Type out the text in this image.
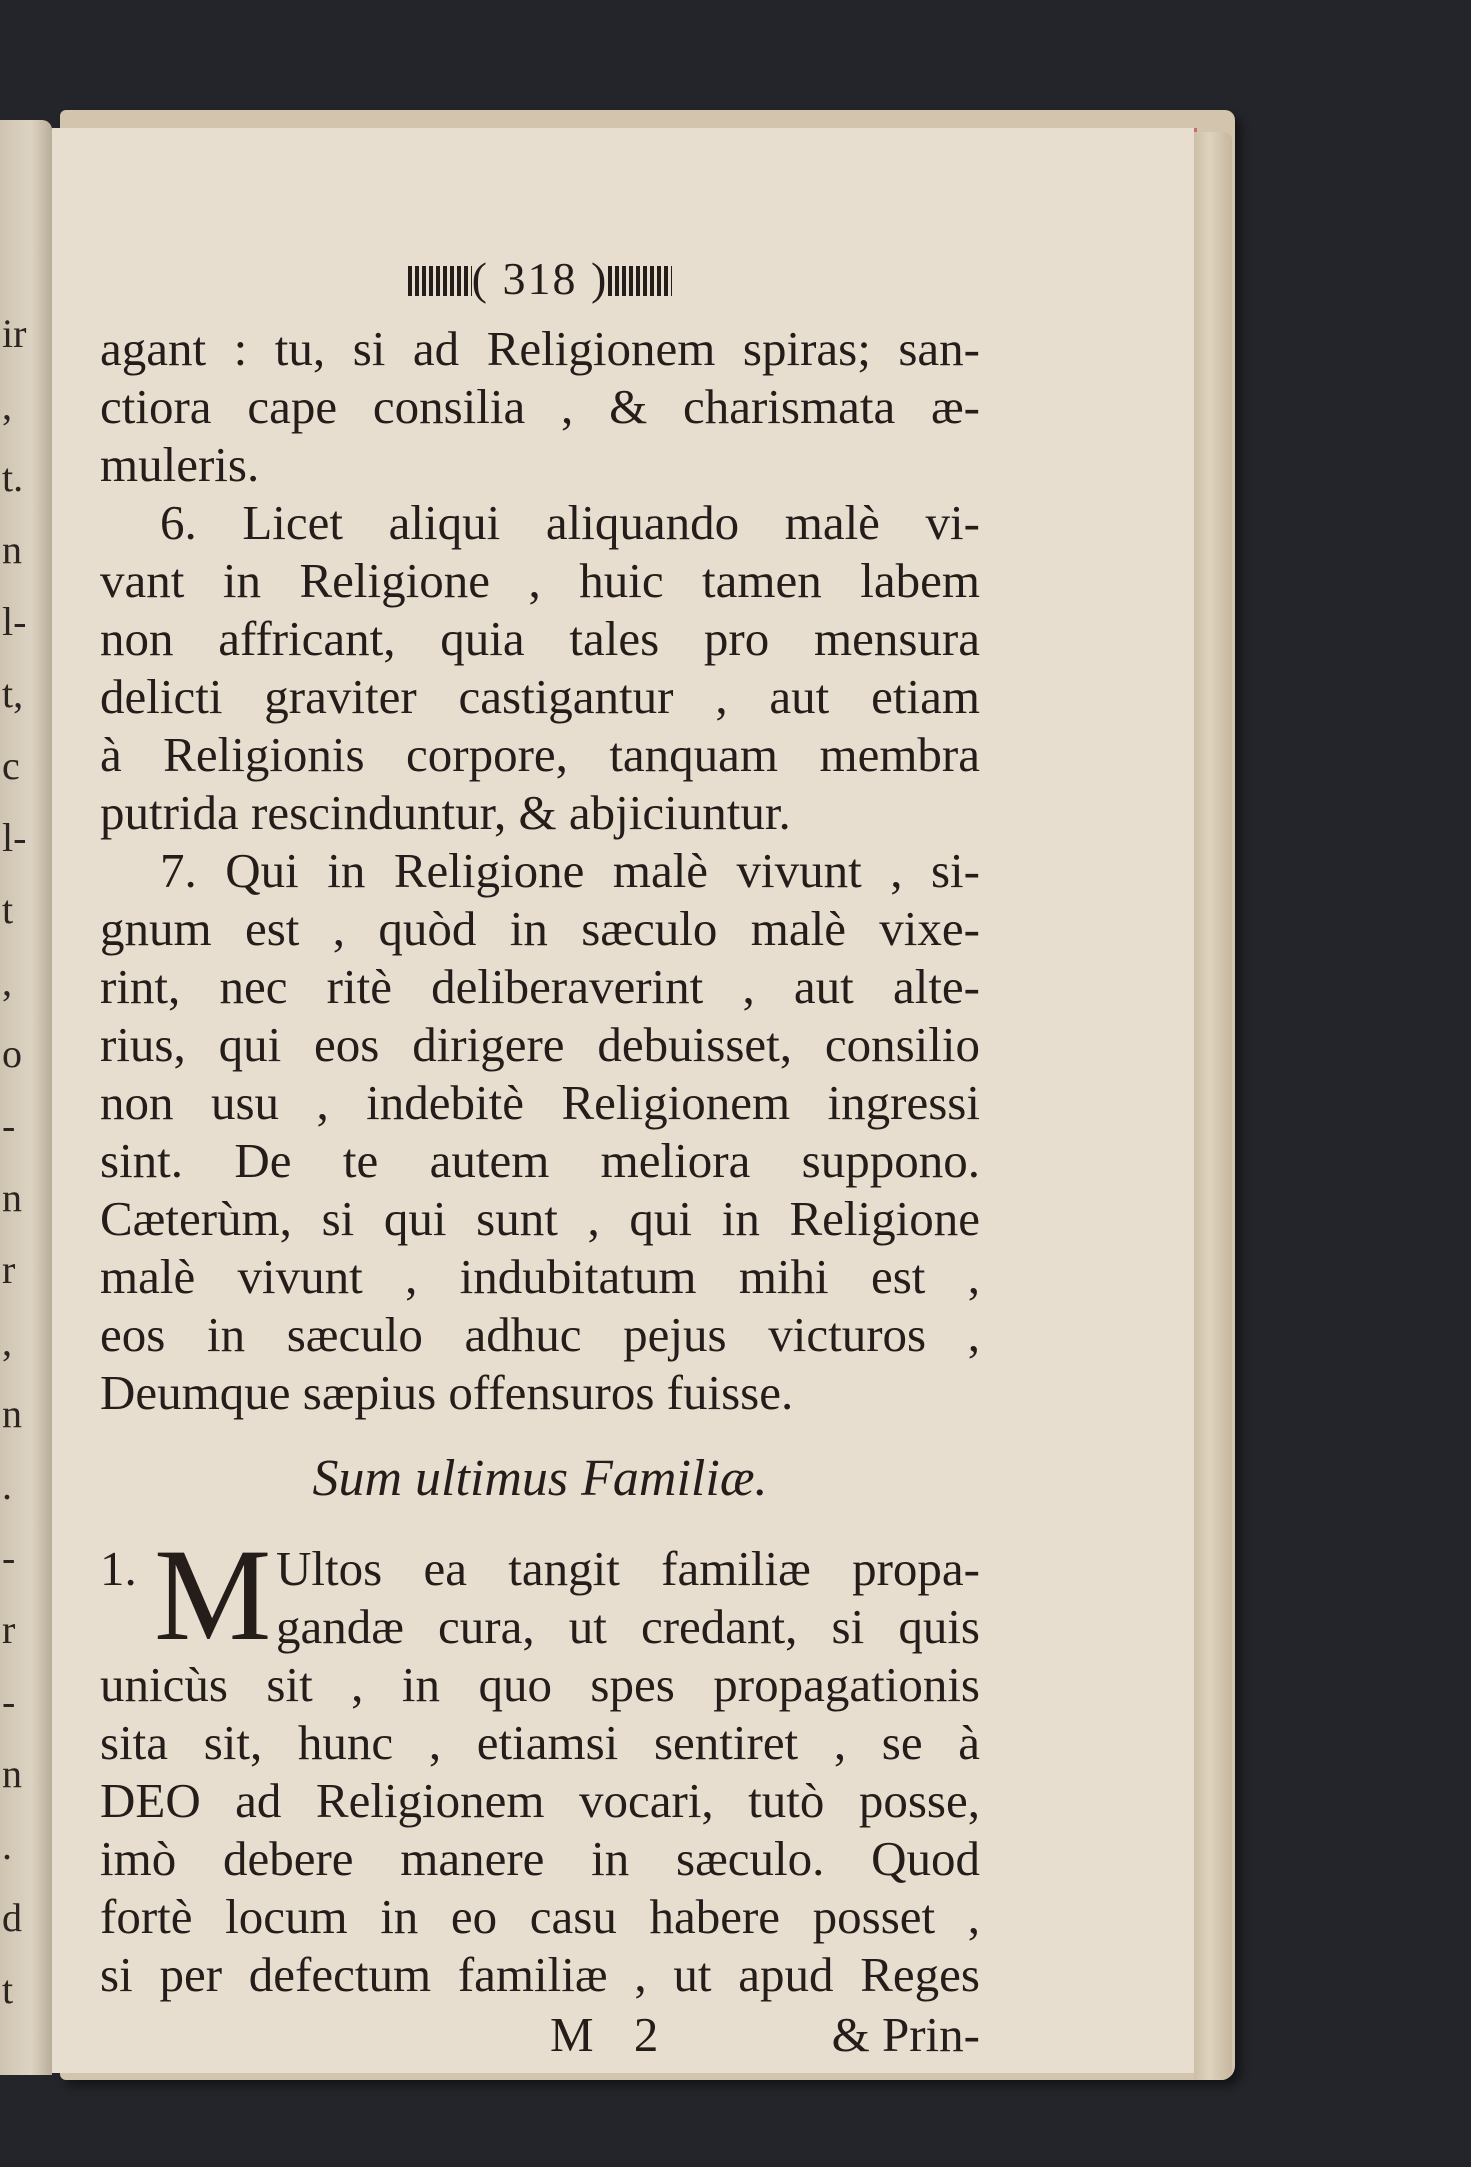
ir
,
t.
n
l-
t,
c
l-
t
,
o
-
n
r
,
n
.
-
r
-
n
.
d
t
( 318 )
agant : tu, si ad Religionem spiras; san-
ctiora cape consilia , & charismata æ-
muleris.
6. Licet aliqui aliquando malè vi-
vant in Religione , huic tamen labem
non affricant, quia tales pro mensura
delicti graviter castigantur , aut etiam
à Religionis corpore, tanquam membra
putrida rescinduntur, & abjiciuntur.
7. Qui in Religione malè vivunt , si-
gnum est , quòd in sæculo malè vixe-
rint, nec ritè deliberaverint , aut alte-
rius, qui eos dirigere debuisset, consilio
non usu , indebitè Religionem ingressi
sint. De te autem meliora suppono.
Cæterùm, si qui sunt , qui in Religione
malè vivunt , indubitatum mihi est ,
eos in sæculo adhuc pejus victuros ,
Deumque sæpius offensuros fuisse.
Sum ultimus Familiæ.
1. M Ultos ea tangit familiæ propa-
gandæ cura, ut credant, si quis
unicùs sit , in quo spes propagationis
sita sit, hunc , etiamsi sentiret , se à
DEO ad Religionem vocari, tutò posse,
imò debere manere in sæculo. Quod
fortè locum in eo casu habere posset ,
si per defectum familiæ , ut apud Reges
M 2	& Prin-
